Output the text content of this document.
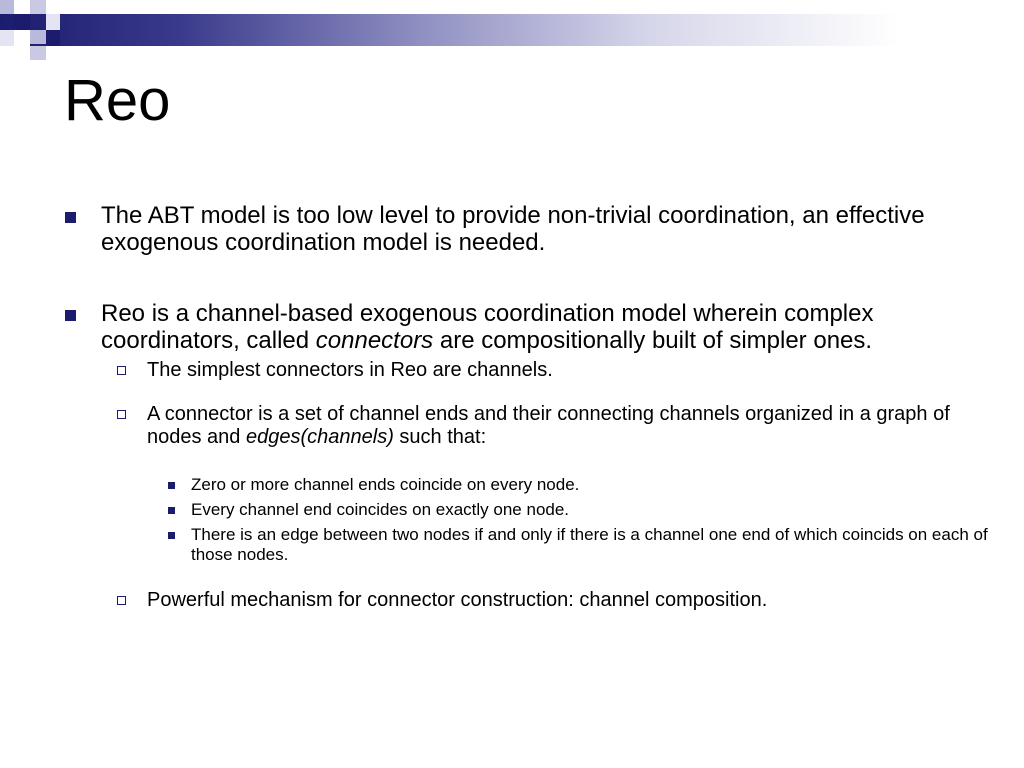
Reo
The ABT model is too low level to provide non-trivial coordination, an effective exogenous coordination model is needed.
Reo is a channel-based exogenous coordination model wherein complex coordinators, called connectors are compositionally built of simpler ones.
The simplest connectors in Reo are channels.
A connector is a set of channel ends and their connecting channels organized in a graph of nodes and edges(channels) such that:
Zero or more channel ends coincide on every node.
Every channel end coincides on exactly one node.
There is an edge between two nodes if and only if there is a channel one end of which coincids on each of those nodes.
Powerful mechanism for connector construction: channel composition.
